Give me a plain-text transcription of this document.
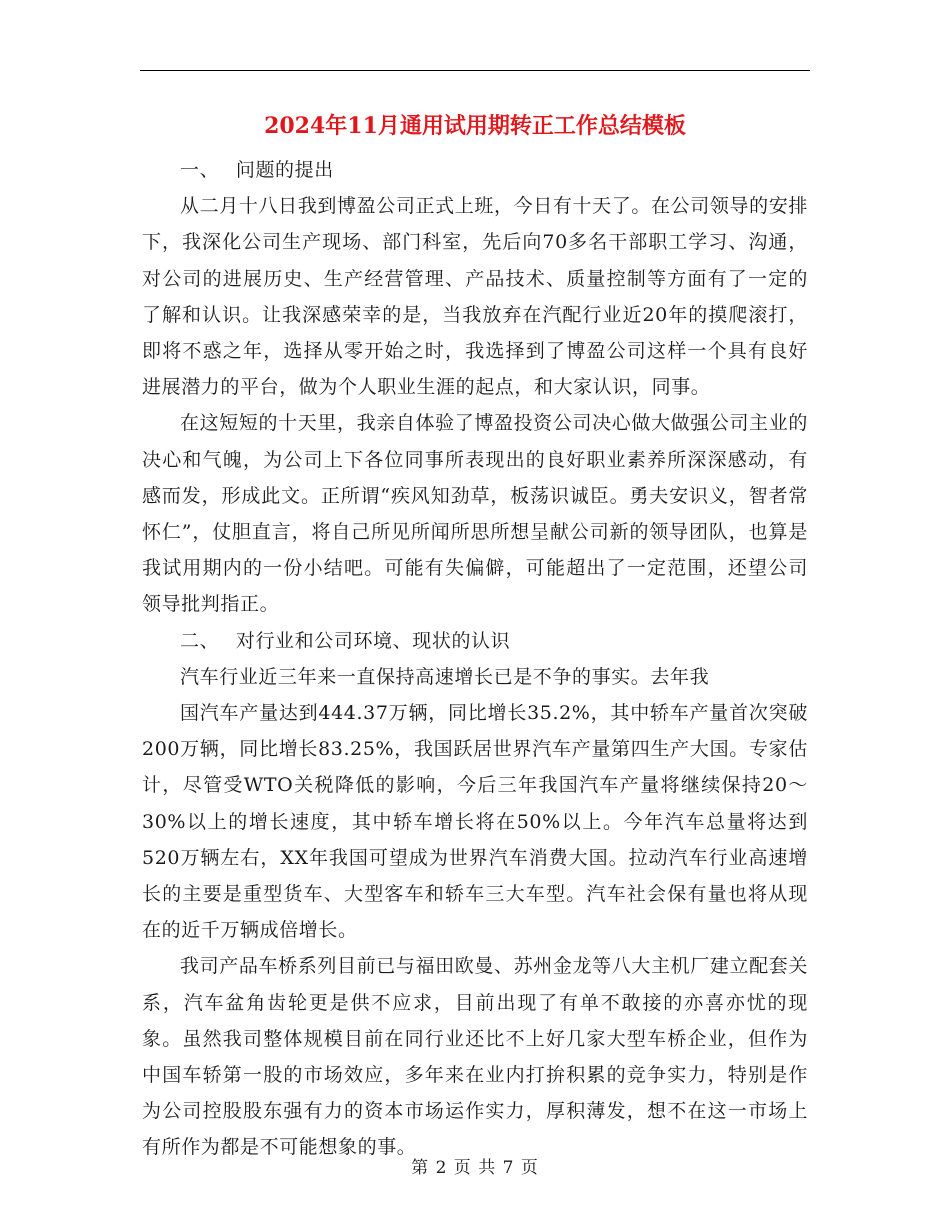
2024年11月通用试用期转正工作总结模板

一、 问题的提出

从二月十八日我到博盈公司正式上班，今日有十天了。在公司领导的安排下，我深化公司生产现场、部门科室，先后向70多名干部职工学习、沟通，对公司的进展历史、生产经营管理、产品技术、质量控制等方面有了一定的了解和认识。让我深感荣幸的是，当我放弃在汽配行业近20年的摸爬滚打，即将不惑之年，选择从零开始之时，我选择到了博盈公司这样一个具有良好进展潜力的平台，做为个人职业生涯的起点，和大家认识，同事。

在这短短的十天里，我亲自体验了博盈投资公司决心做大做强公司主业的决心和气魄，为公司上下各位同事所表现出的良好职业素养所深深感动，有感而发，形成此文。正所谓“疾风知劲草，板荡识诚臣。勇夫安识义，智者常怀仁”，仗胆直言，将自己所见所闻所思所想呈献公司新的领导团队，也算是我试用期内的一份小结吧。可能有失偏僻，可能超出了一定范围，还望公司领导批判指正。

二、 对行业和公司环境、现状的认识

汽车行业近三年来一直保持高速增长已是不争的事实。去年我

国汽车产量达到444.37万辆，同比增长35.2%，其中轿车产量首次突破200万辆，同比增长83.25%，我国跃居世界汽车产量第四生产大国。专家估计，尽管受WTO关税降低的影响，今后三年我国汽车产量将继续保持20～30%以上的增长速度，其中轿车增长将在50%以上。今年汽车总量将达到520万辆左右，XX年我国可望成为世界汽车消费大国。拉动汽车行业高速增长的主要是重型货车、大型客车和轿车三大车型。汽车社会保有量也将从现在的近千万辆成倍增长。

我司产品车桥系列目前已与福田欧曼、苏州金龙等八大主机厂建立配套关系，汽车盆角齿轮更是供不应求，目前出现了有单不敢接的亦喜亦忧的现象。虽然我司整体规模目前在同行业还比不上好几家大型车桥企业，但作为中国车轿第一股的市场效应，多年来在业内打拚积累的竞争实力，特别是作为公司控股股东强有力的资本市场运作实力，厚积薄发，想不在这一市场上有所作为都是不可能想象的事。

第 2 页 共 7 页
